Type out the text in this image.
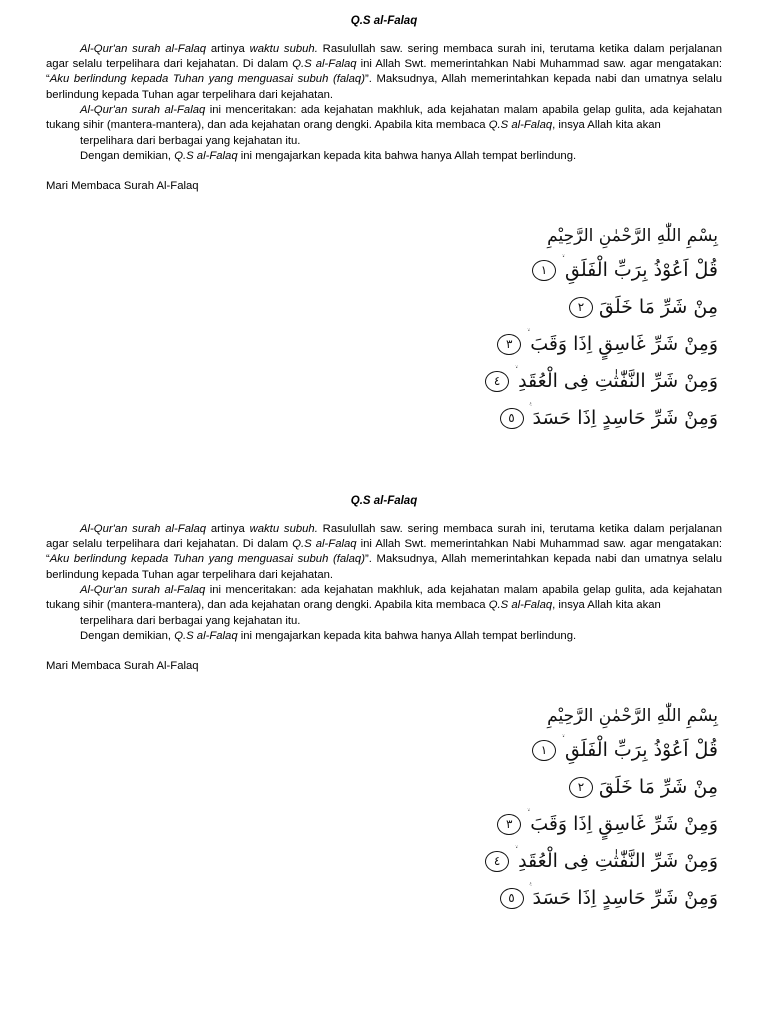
Q.S al-Falaq

Al-Qur'an surah al-Falaq artinya waktu subuh. Rasulullah saw. sering membaca surah ini, terutama ketika dalam perjalanan agar selalu terpelihara dari kejahatan. Di dalam Q.S al-Falaq ini Allah Swt. memerintahkan Nabi Muhammad saw. agar mengatakan: “Aku berlindung kepada Tuhan yang menguasai subuh (falaq)”. Maksudnya, Allah memerintahkan kepada nabi dan umatnya selalu berlindung kepada Tuhan agar terpelihara dari kejahatan.

Al-Qur'an surah al-Falaq ini menceritakan: ada kejahatan makhluk, ada kejahatan malam apabila gelap gulita, ada kejahatan tukang sihir (mantera-mantera), dan ada kejahatan orang dengki. Apabila kita membaca Q.S al-Falaq, insya Allah kita akan

terpelihara dari berbagai yang kejahatan itu.

Dengan demikian, Q.S al-Falaq ini mengajarkan kepada kita bahwa hanya Allah tempat berlindung.

Mari Membaca Surah Al-Falaq

بِسْمِ اللّٰهِ الرَّحْمٰنِ الرَّحِيْمِ
قُلْ اَعُوْذُ بِرَبِّ الْفَلَقِ
١
مِنْ شَرِّ مَا خَلَقَ
٢
وَمِنْ شَرِّ غَاسِقٍ اِذَا وَقَبَ
٣
وَمِنْ شَرِّ النَّفّٰثٰتِ فِى الْعُقَدِ
٤
وَمِنْ شَرِّ حَاسِدٍ اِذَا حَسَدَ
٥

Q.S al-Falaq

Al-Qur'an surah al-Falaq artinya waktu subuh. Rasulullah saw. sering membaca surah ini, terutama ketika dalam perjalanan agar selalu terpelihara dari kejahatan. Di dalam Q.S al-Falaq ini Allah Swt. memerintahkan Nabi Muhammad saw. agar mengatakan: “Aku berlindung kepada Tuhan yang menguasai subuh (falaq)”. Maksudnya, Allah memerintahkan kepada nabi dan umatnya selalu berlindung kepada Tuhan agar terpelihara dari kejahatan.

Al-Qur'an surah al-Falaq ini menceritakan: ada kejahatan makhluk, ada kejahatan malam apabila gelap gulita, ada kejahatan tukang sihir (mantera-mantera), dan ada kejahatan orang dengki. Apabila kita membaca Q.S al-Falaq, insya Allah kita akan

terpelihara dari berbagai yang kejahatan itu.

Dengan demikian, Q.S al-Falaq ini mengajarkan kepada kita bahwa hanya Allah tempat berlindung.

Mari Membaca Surah Al-Falaq

بِسْمِ اللّٰهِ الرَّحْمٰنِ الرَّحِيْمِ
قُلْ اَعُوْذُ بِرَبِّ الْفَلَقِ
١
مِنْ شَرِّ مَا خَلَقَ
٢
وَمِنْ شَرِّ غَاسِقٍ اِذَا وَقَبَ
٣
وَمِنْ شَرِّ النَّفّٰثٰتِ فِى الْعُقَدِ
٤
وَمِنْ شَرِّ حَاسِدٍ اِذَا حَسَدَ
٥
